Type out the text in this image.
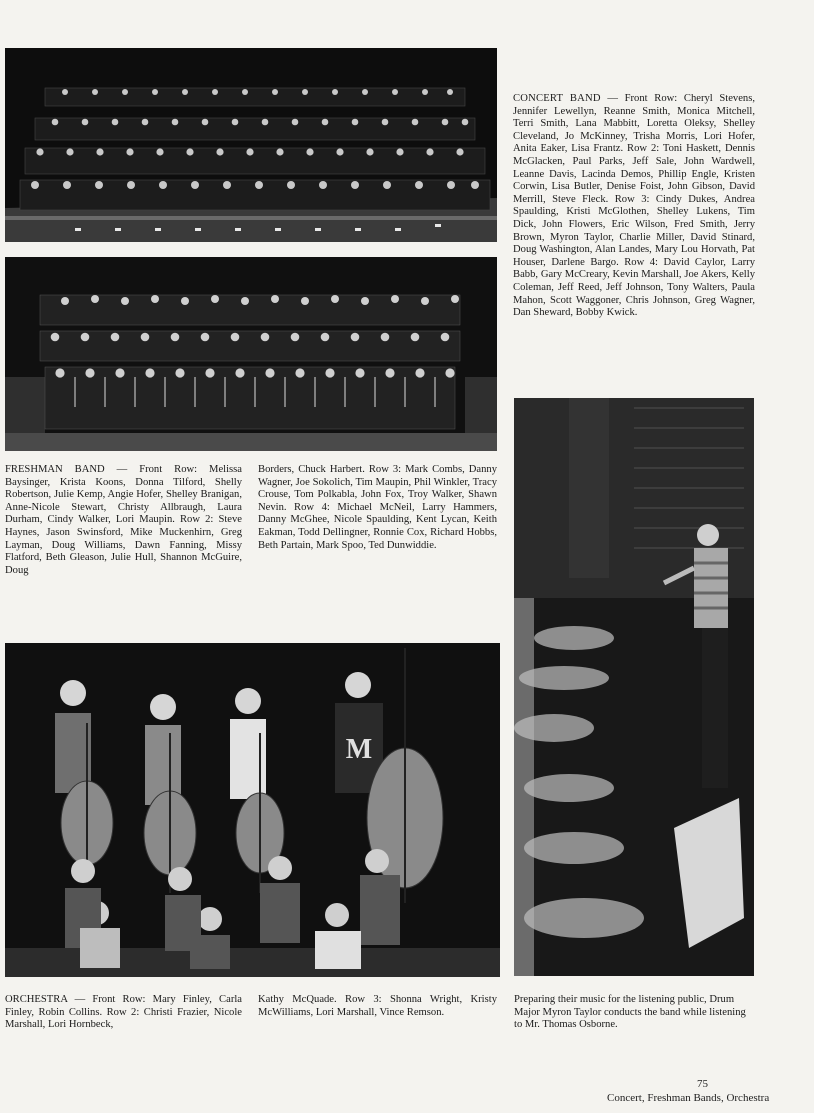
CONCERT BAND — Front Row: Cheryl Stevens, Jennifer Lewellyn, Reanne Smith, Monica Mitchell, Terri Smith, Lana Mabbitt, Loretta Oleksy, Shelley Cleveland, Jo McKinney, Trisha Morris, Lori Hofer, Anita Eaker, Lisa Frantz. Row 2: Toni Haskett, Dennis McGlacken, Paul Parks, Jeff Sale, John Wardwell, Leanne Davis, Lacinda Demos, Phillip Engle, Kristen Corwin, Lisa Butler, Denise Foist, John Gibson, David Merrill, Steve Fleck. Row 3: Cindy Dukes, Andrea Spaulding, Kristi McGlothen, Shelley Lukens, Tim Dick, John Flowers, Eric Wilson, Fred Smith, Jerry Brown, Myron Taylor, Charlie Miller, David Stinard, Doug Washington, Alan Landes, Mary Lou Horvath, Pat Houser, Darlene Bargo. Row 4: David Caylor, Larry Babb, Gary McCreary, Kevin Marshall, Joe Akers, Kelly Coleman, Jeff Reed, Jeff Johnson, Tony Walters, Paula Mahon, Scott Waggoner, Chris Johnson, Greg Wagner, Dan Sheward, Bobby Kwick.

FRESHMAN BAND — Front Row: Melissa Baysinger, Krista Koons, Donna Tilford, Shelly Robertson, Julie Kemp, Angie Hofer, Shelley Branigan, Anne-Nicole Stewart, Christy Allbraugh, Laura Durham, Cindy Walker, Lori Maupin. Row 2: Steve Haynes, Jason Swinsford, Mike Muckenhirn, Greg Layman, Doug Williams, Dawn Fanning, Missy Flatford, Beth Gleason, Julie Hull, Shannon McGuire, Doug
Borders, Chuck Harbert. Row 3: Mark Combs, Danny Wagner, Joe Sokolich, Tim Maupin, Phil Winkler, Tracy Crouse, Tom Polkabla, John Fox, Troy Walker, Shawn Nevin. Row 4: Michael McNeil, Larry Hammers, Danny McGhee, Nicole Spaulding, Kent Lycan, Keith Eakman, Todd Dellingner, Ronnie Cox, Richard Hobbs, Beth Partain, Mark Spoo, Ted Dunwiddie.
M
ORCHESTRA — Front Row: Mary Finley, Carla Finley, Robin Collins. Row 2: Christi Frazier, Nicole Marshall, Lori Hornbeck,
Kathy McQuade. Row 3: Shonna Wright, Kristy McWilliams, Lori Marshall, Vince Remson.
Preparing their music for the listening public, Drum Major Myron Taylor conducts the band while listening to Mr. Thomas Osborne.
75
Concert, Freshman Bands, Orchestra
